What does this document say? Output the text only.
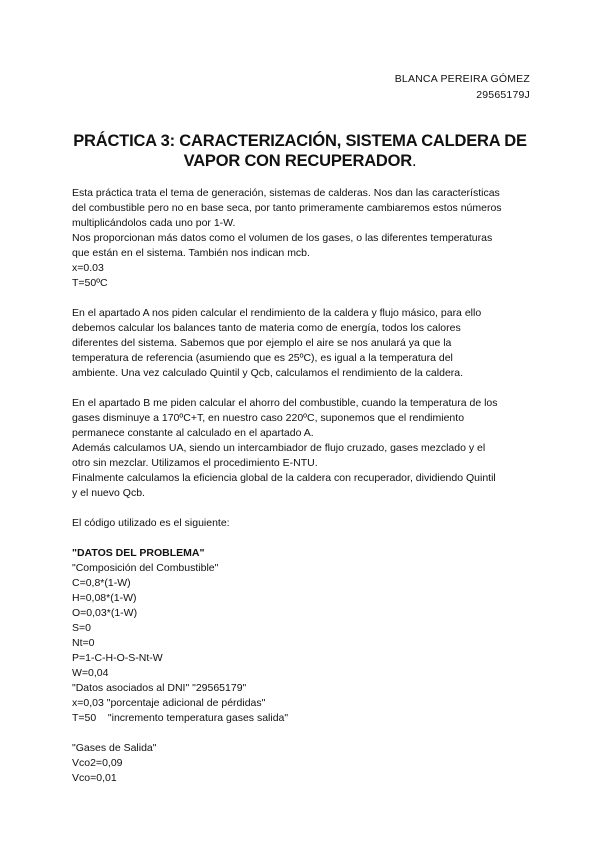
BLANCA PEREIRA GÓMEZ
29565179J
PRÁCTICA 3: CARACTERIZACIÓN, SISTEMA CALDERA DE
VAPOR CON RECUPERADOR.

Esta práctica trata el tema de generación, sistemas de calderas. Nos dan las características

del combustible pero no en base seca, por tanto primeramente cambiaremos estos números

multiplicándolos cada uno por 1-W.

Nos proporcionan más datos como el volumen de los gases, o las diferentes temperaturas

que están en el sistema. También nos indican mcb.

x=0.03

T=50ºC

En el apartado A nos piden calcular el rendimiento de la caldera y flujo másico, para ello

debemos calcular los balances tanto de materia como de energía, todos los calores

diferentes del sistema. Sabemos que por ejemplo el aire se nos anulará ya que la

temperatura de referencia (asumiendo que es 25ºC), es igual a la temperatura del

ambiente. Una vez calculado Quintil y Qcb, calculamos el rendimiento de la caldera.

En el apartado B me piden calcular el ahorro del combustible, cuando la temperatura de los

gases disminuye a 170ºC+T, en nuestro caso 220ºC, suponemos que el rendimiento

permanece constante al calculado en el apartado A.

Además calculamos UA, siendo un intercambiador de flujo cruzado, gases mezclado y el

otro sin mezclar. Utilizamos el procedimiento E-NTU.

Finalmente calculamos la eficiencia global de la caldera con recuperador, dividiendo Quintil

y el nuevo Qcb.

El código utilizado es el siguiente:

"DATOS DEL PROBLEMA"

"Composición del Combustible"

C=0,8*(1-W)

H=0,08*(1-W)

O=0,03*(1-W)

S=0

Nt=0

P=1-C-H-O-S-Nt-W

W=0,04

"Datos asociados al DNI" "29565179"

x=0,03 "porcentaje adicional de pérdidas"

T=50    "incremento temperatura gases salida"

"Gases de Salida"

Vco2=0,09

Vco=0,01
